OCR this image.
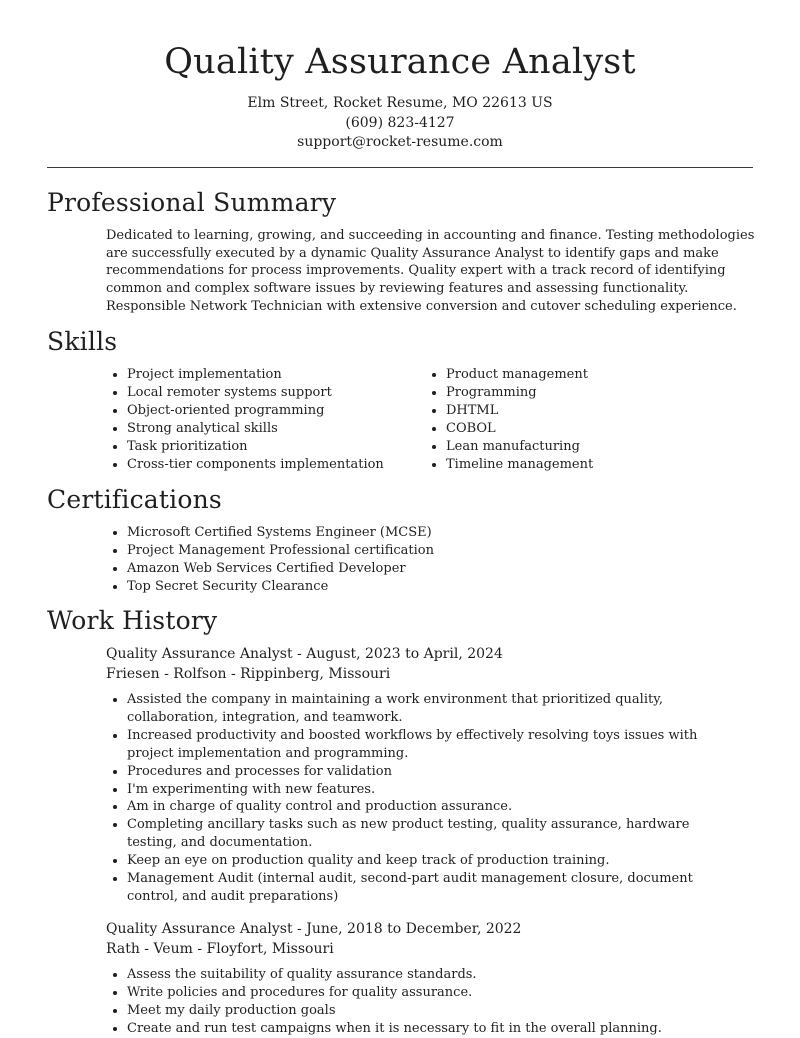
Quality Assurance Analyst

Elm Street, Rocket Resume, MO 22613 US

(609) 823-4127

support@rocket-resume.com

Professional Summary

Dedicated to learning, growing, and succeeding in accounting and finance. Testing methodologies are successfully executed by a dynamic Quality Assurance Analyst to identify gaps and make recommendations for process improvements. Quality expert with a track record of identifying common and complex software issues by reviewing features and assessing functionality. Responsible Network Technician with extensive conversion and cutover scheduling experience.

Skills
• Project implementation
• Local remoter systems support
• Object-oriented programming
• Strong analytical skills
• Task prioritization
• Cross-tier components implementation
• Product management
• Programming
• DHTML
• COBOL
• Lean manufacturing
• Timeline management
Certifications
• Microsoft Certified Systems Engineer (MCSE)
• Project Management Professional certification
• Amazon Web Services Certified Developer
• Top Secret Security Clearance
Work History

Quality Assurance Analyst - August, 2023 to April, 2024

Friesen - Rolfson - Rippinberg, Missouri

• Assisted the company in maintaining a work environment that prioritized quality, collaboration, integration, and teamwork.
• Increased productivity and boosted workflows by effectively resolving toys issues with project implementation and programming.
• Procedures and processes for validation
• I'm experimenting with new features.
• Am in charge of quality control and production assurance.
• Completing ancillary tasks such as new product testing, quality assurance, hardware testing, and documentation.
• Keep an eye on production quality and keep track of production training.
• Management Audit (internal audit, second-part audit management closure, document control, and audit preparations)

Quality Assurance Analyst - June, 2018 to December, 2022

Rath - Veum - Floyfort, Missouri

• Assess the suitability of quality assurance standards.
• Write policies and procedures for quality assurance.
• Meet my daily production goals
• Create and run test campaigns when it is necessary to fit in the overall planning.
